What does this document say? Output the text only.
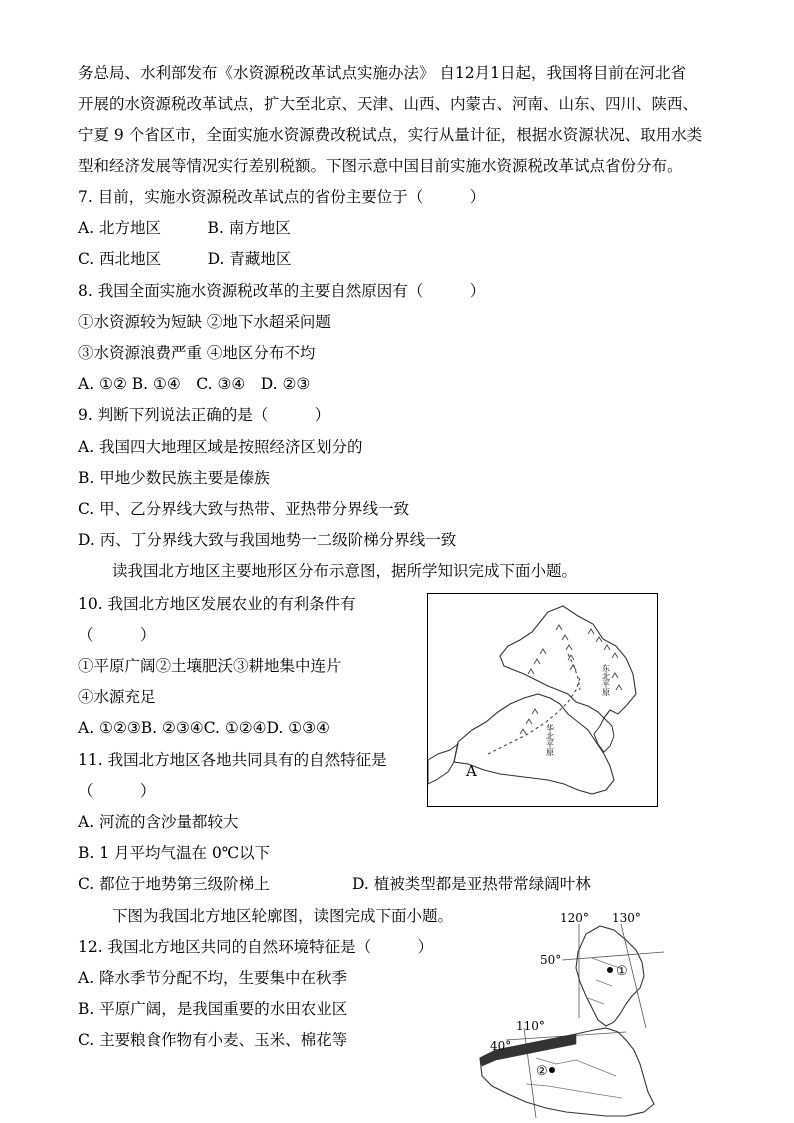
务总局、水利部发布《水资源税改革试点实施办法》 自12月1日起，我国将目前在河北省
开展的水资源税改革试点，扩大至北京、天津、山西、内蒙古、河南、山东、四川、陕西、
宁夏 9 个省区市，全面实施水资源费改税试点，实行从量计征，根据水资源状况、取用水类
型和经济发展等情况实行差别税额。下图示意中国目前实施水资源税改革试点省份分布。
7. 目前，实施水资源税改革试点的省份主要位于（　　　）
A. 北方地区　　　B. 南方地区
C. 西北地区　　　D. 青藏地区
8. 我国全面实施水资源税改革的主要自然原因有（　　　）
①水资源较为短缺 ②地下水超采问题
③水资源浪费严重 ④地区分布不均
A. ①② B. ①④　C. ③④　D. ②③
9. 判断下列说法正确的是（　　　）
A. 我国四大地理区域是按照经济区划分的
B. 甲地少数民族主要是傣族
C. 甲、乙分界线大致与热带、亚热带分界线一致
D. 丙、丁分界线大致与我国地势一二级阶梯分界线一致
读我国北方地区主要地形区分布示意图，据所学知识完成下面小题。
10. 我国北方地区发展农业的有利条件有
（　　　）
①平原广阔②土壤肥沃③耕地集中连片
④水源充足
A. ①②③B. ②③④C. ①②④D. ①③④
11. 我国北方地区各地共同具有的自然特征是
（　　　）
A. 河流的含沙量都较大
B. 1 月平均气温在 0℃以下
C. 都位于地势第三级阶梯上	D. 植被类型都是亚热带常绿阔叶林
下图为我国北方地区轮廓图，读图完成下面小题。
12. 我国北方地区共同的自然环境特征是（　　　）
A. 降水季节分配不均，生要集中在秋季
B. 平原广阔，是我国重要的水田农业区
C. 主要粮食作物有小麦、玉米、棉花等
A
东北平原
华北平原
①
②
120° 130°
50°
110°
40°
